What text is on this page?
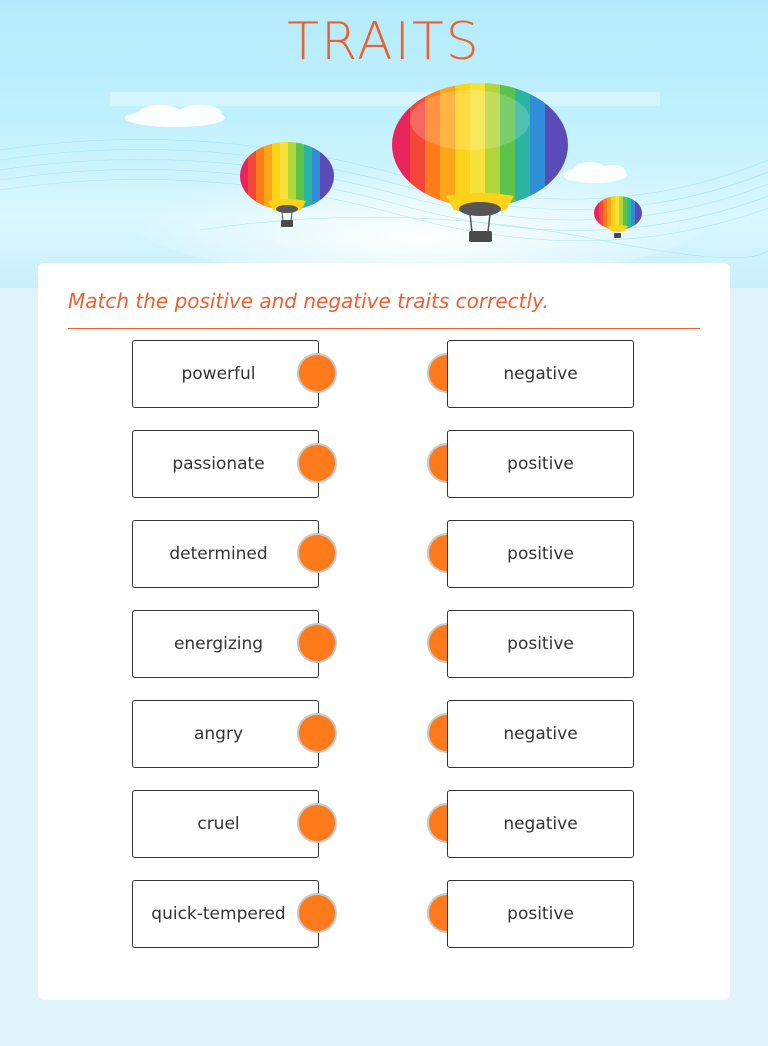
TRAITS
Match the positive and negative traits correctly.
powerful	negative
passionate	positive
determined	positive
energizing	positive
angry	negative
cruel	negative
quick-tempered	positive
